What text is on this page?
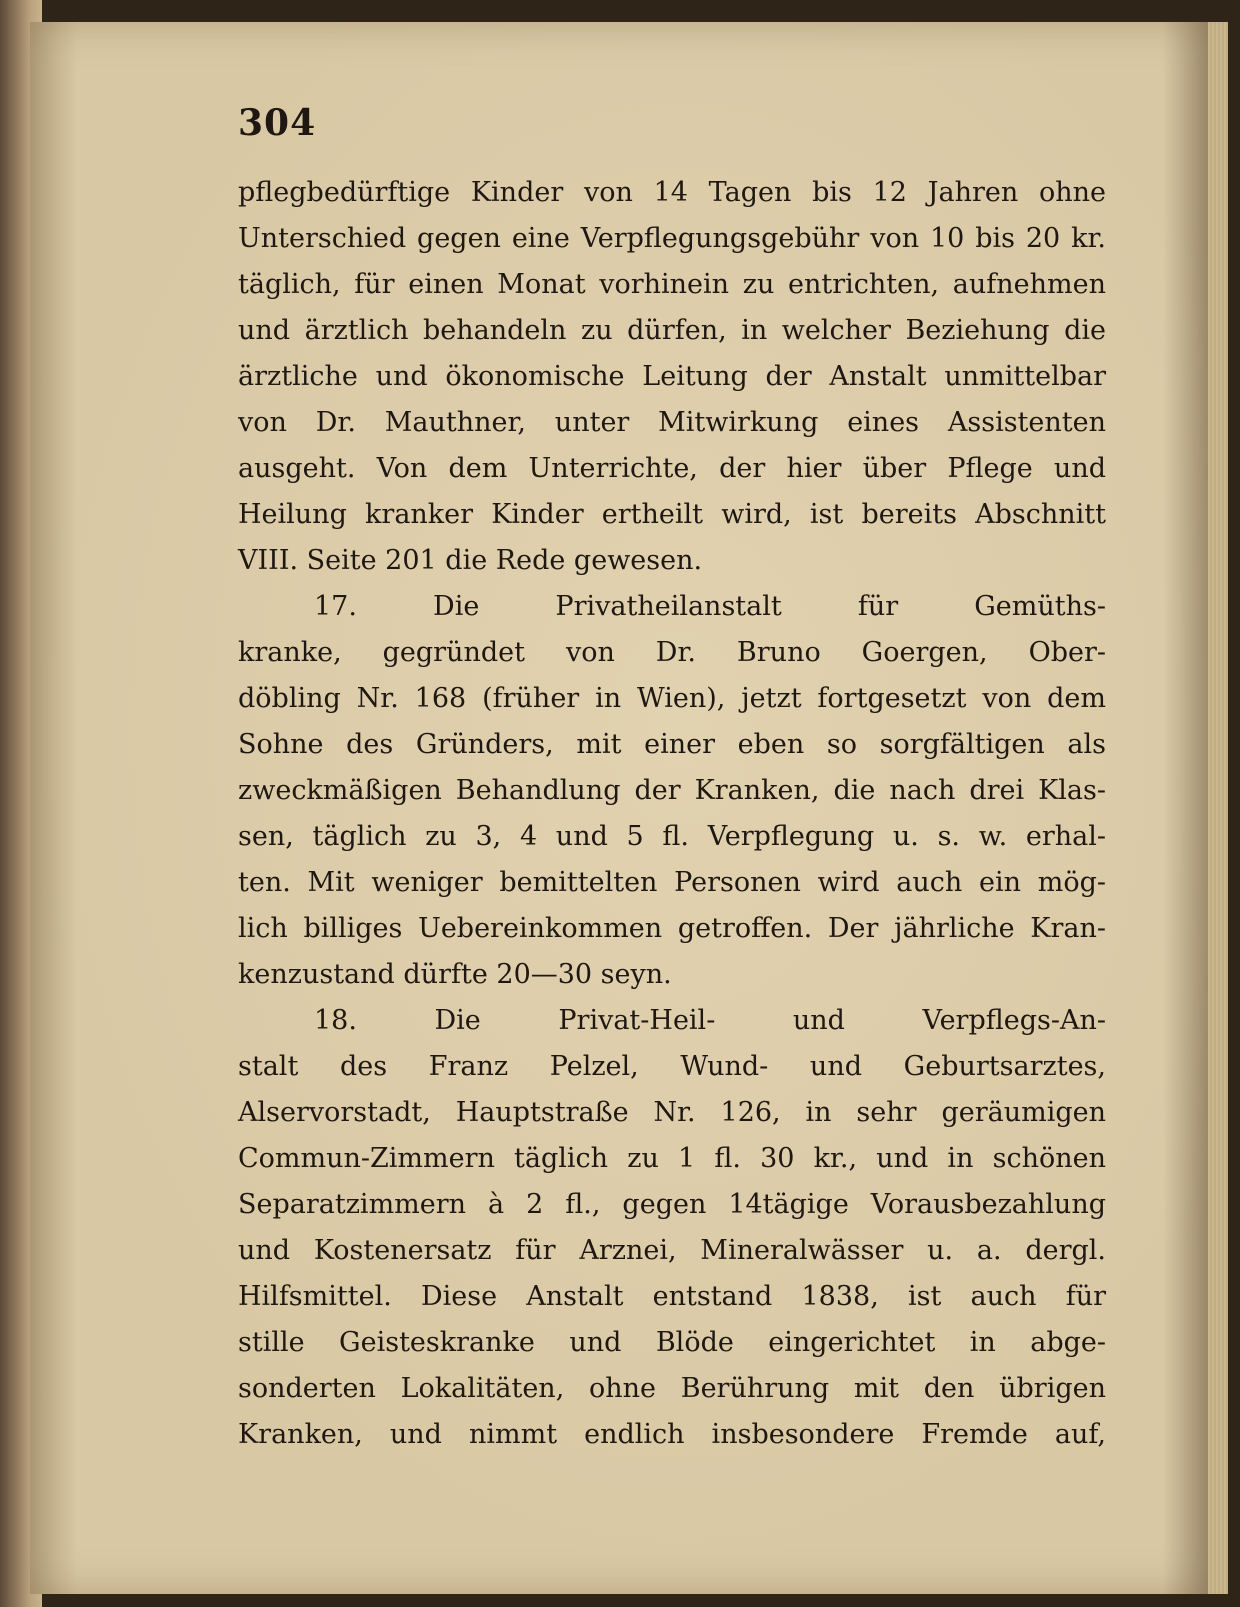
304
pflegbedürftige Kinder von 14 Tagen bis 12 Jahren ohne
Unterschied gegen eine Verpflegungsgebühr von 10 bis 20 kr.
täglich, für einen Monat vorhinein zu entrichten, aufnehmen
und ärztlich behandeln zu dürfen, in welcher Beziehung die
ärztliche und ökonomische Leitung der Anstalt unmittelbar
von Dr. Mauthner, unter Mitwirkung eines Assistenten
ausgeht. Von dem Unterrichte, der hier über Pflege und
Heilung kranker Kinder ertheilt wird, ist bereits Abschnitt
VIII. Seite 201 die Rede gewesen.
17. Die Privatheilanstalt für Gemüths-
kranke, gegründet von Dr. Bruno Goergen, Ober-
döbling Nr. 168 (früher in Wien), jetzt fortgesetzt von dem
Sohne des Gründers, mit einer eben so sorgfältigen als
zweckmäßigen Behandlung der Kranken, die nach drei Klas-
sen, täglich zu 3, 4 und 5 fl. Verpflegung u. s. w. erhal-
ten. Mit weniger bemittelten Personen wird auch ein mög-
lich billiges Uebereinkommen getroffen. Der jährliche Kran-
kenzustand dürfte 20—30 seyn.
18. Die Privat-Heil- und Verpflegs-An-
stalt des Franz Pelzel, Wund- und Geburtsarztes,
Alservorstadt, Hauptstraße Nr. 126, in sehr geräumigen
Commun-Zimmern täglich zu 1 fl. 30 kr., und in schönen
Separatzimmern à 2 fl., gegen 14tägige Vorausbezahlung
und Kostenersatz für Arznei, Mineralwässer u. a. dergl.
Hilfsmittel. Diese Anstalt entstand 1838, ist auch für
stille Geisteskranke und Blöde eingerichtet in abge-
sonderten Lokalitäten, ohne Berührung mit den übrigen
Kranken, und nimmt endlich insbesondere Fremde auf,
